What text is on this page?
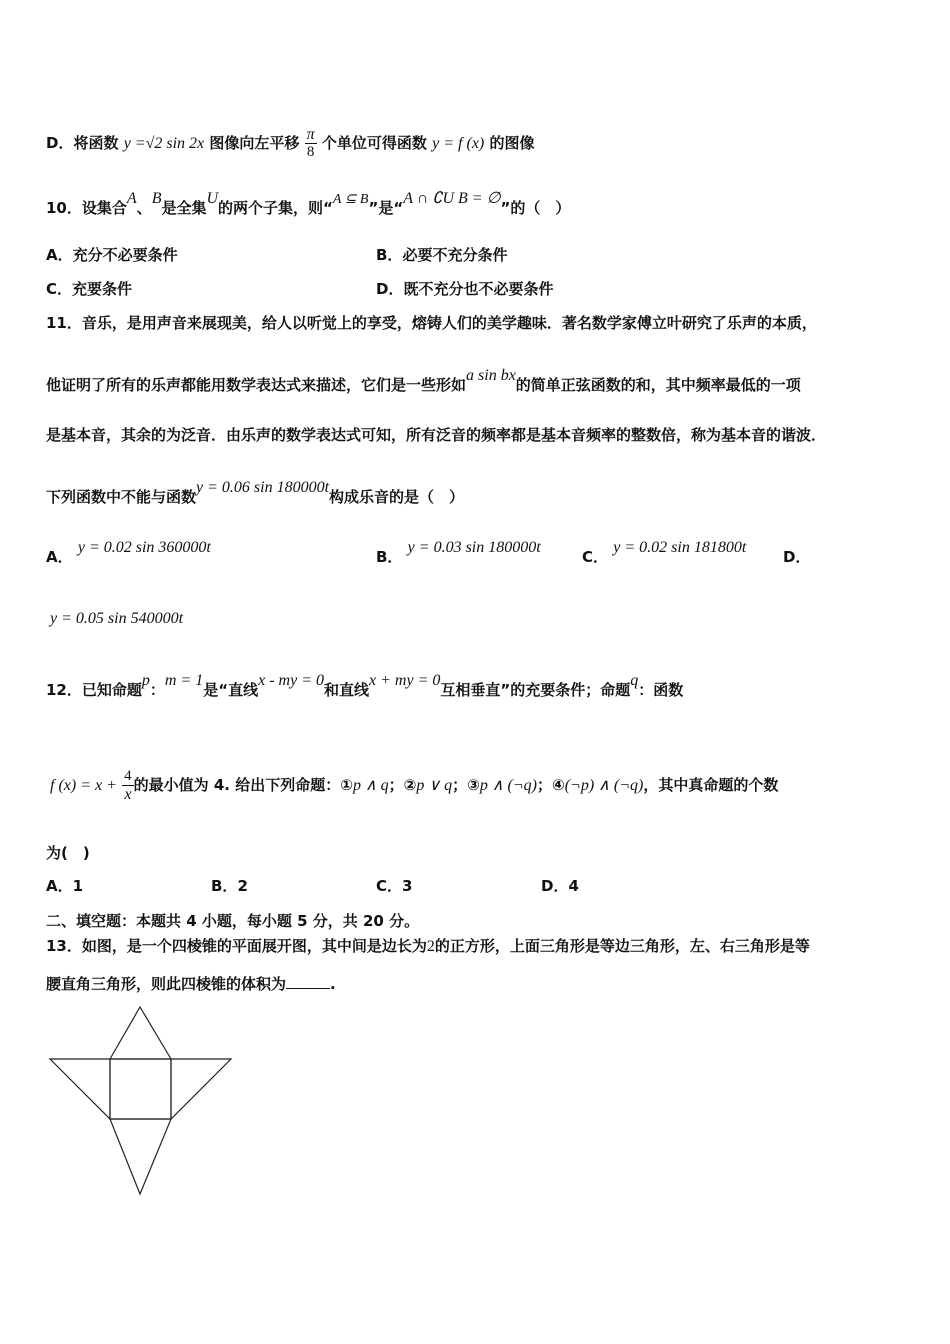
D．将函数 y =√2 sin 2x 图像向左平移 $\frac{\pi}{8}$ 个单位可得函数 y = f (x) 的图像
10．设集合A、B是全集U的两个子集，则“A ⊆ B”是“A ∩ ∁U B = ∅”的（　）
A．充分不必要条件	B．必要不充分条件
C．充要条件	D．既不充分也不必要条件
11．音乐，是用声音来展现美，给人以听觉上的享受，熔铸人们的美学趣味．著名数学家傅立叶研究了乐声的本质，
他证明了所有的乐声都能用数学表达式来描述，它们是一些形如a sin bx的简单正弦函数的和，其中频率最低的一项
是基本音，其余的为泛音．由乐声的数学表达式可知，所有泛音的频率都是基本音频率的整数倍，称为基本音的谐波．
下列函数中不能与函数y = 0.06 sin 180000t构成乐音的是（　）
A． y = 0.02 sin 360000t
B． y = 0.03 sin 180000t
C． y = 0.02 sin 181800t
D．
y = 0.05 sin 540000t
12．已知命题p：m = 1是“直线x - my = 0和直线x + my = 0互相垂直”的充要条件；命题q：函数
f $(x) = x + \frac{4}{x}$ 的最小值为 4. 给出下列命题：①p ∧ q；②p ∨ q；③p ∧ (¬q)；④(¬p) ∧ (¬q)，其中真命题的个数
为(　)
A．1	B．2	C．3	D．4
二、填空题：本题共 4 小题，每小题 5 分，共 20 分。
13．如图，是一个四棱锥的平面展开图，其中间是边长为2的正方形，上面三角形是等边三角形，左、右三角形是等
腰直角三角形，则此四棱锥的体积为	.
